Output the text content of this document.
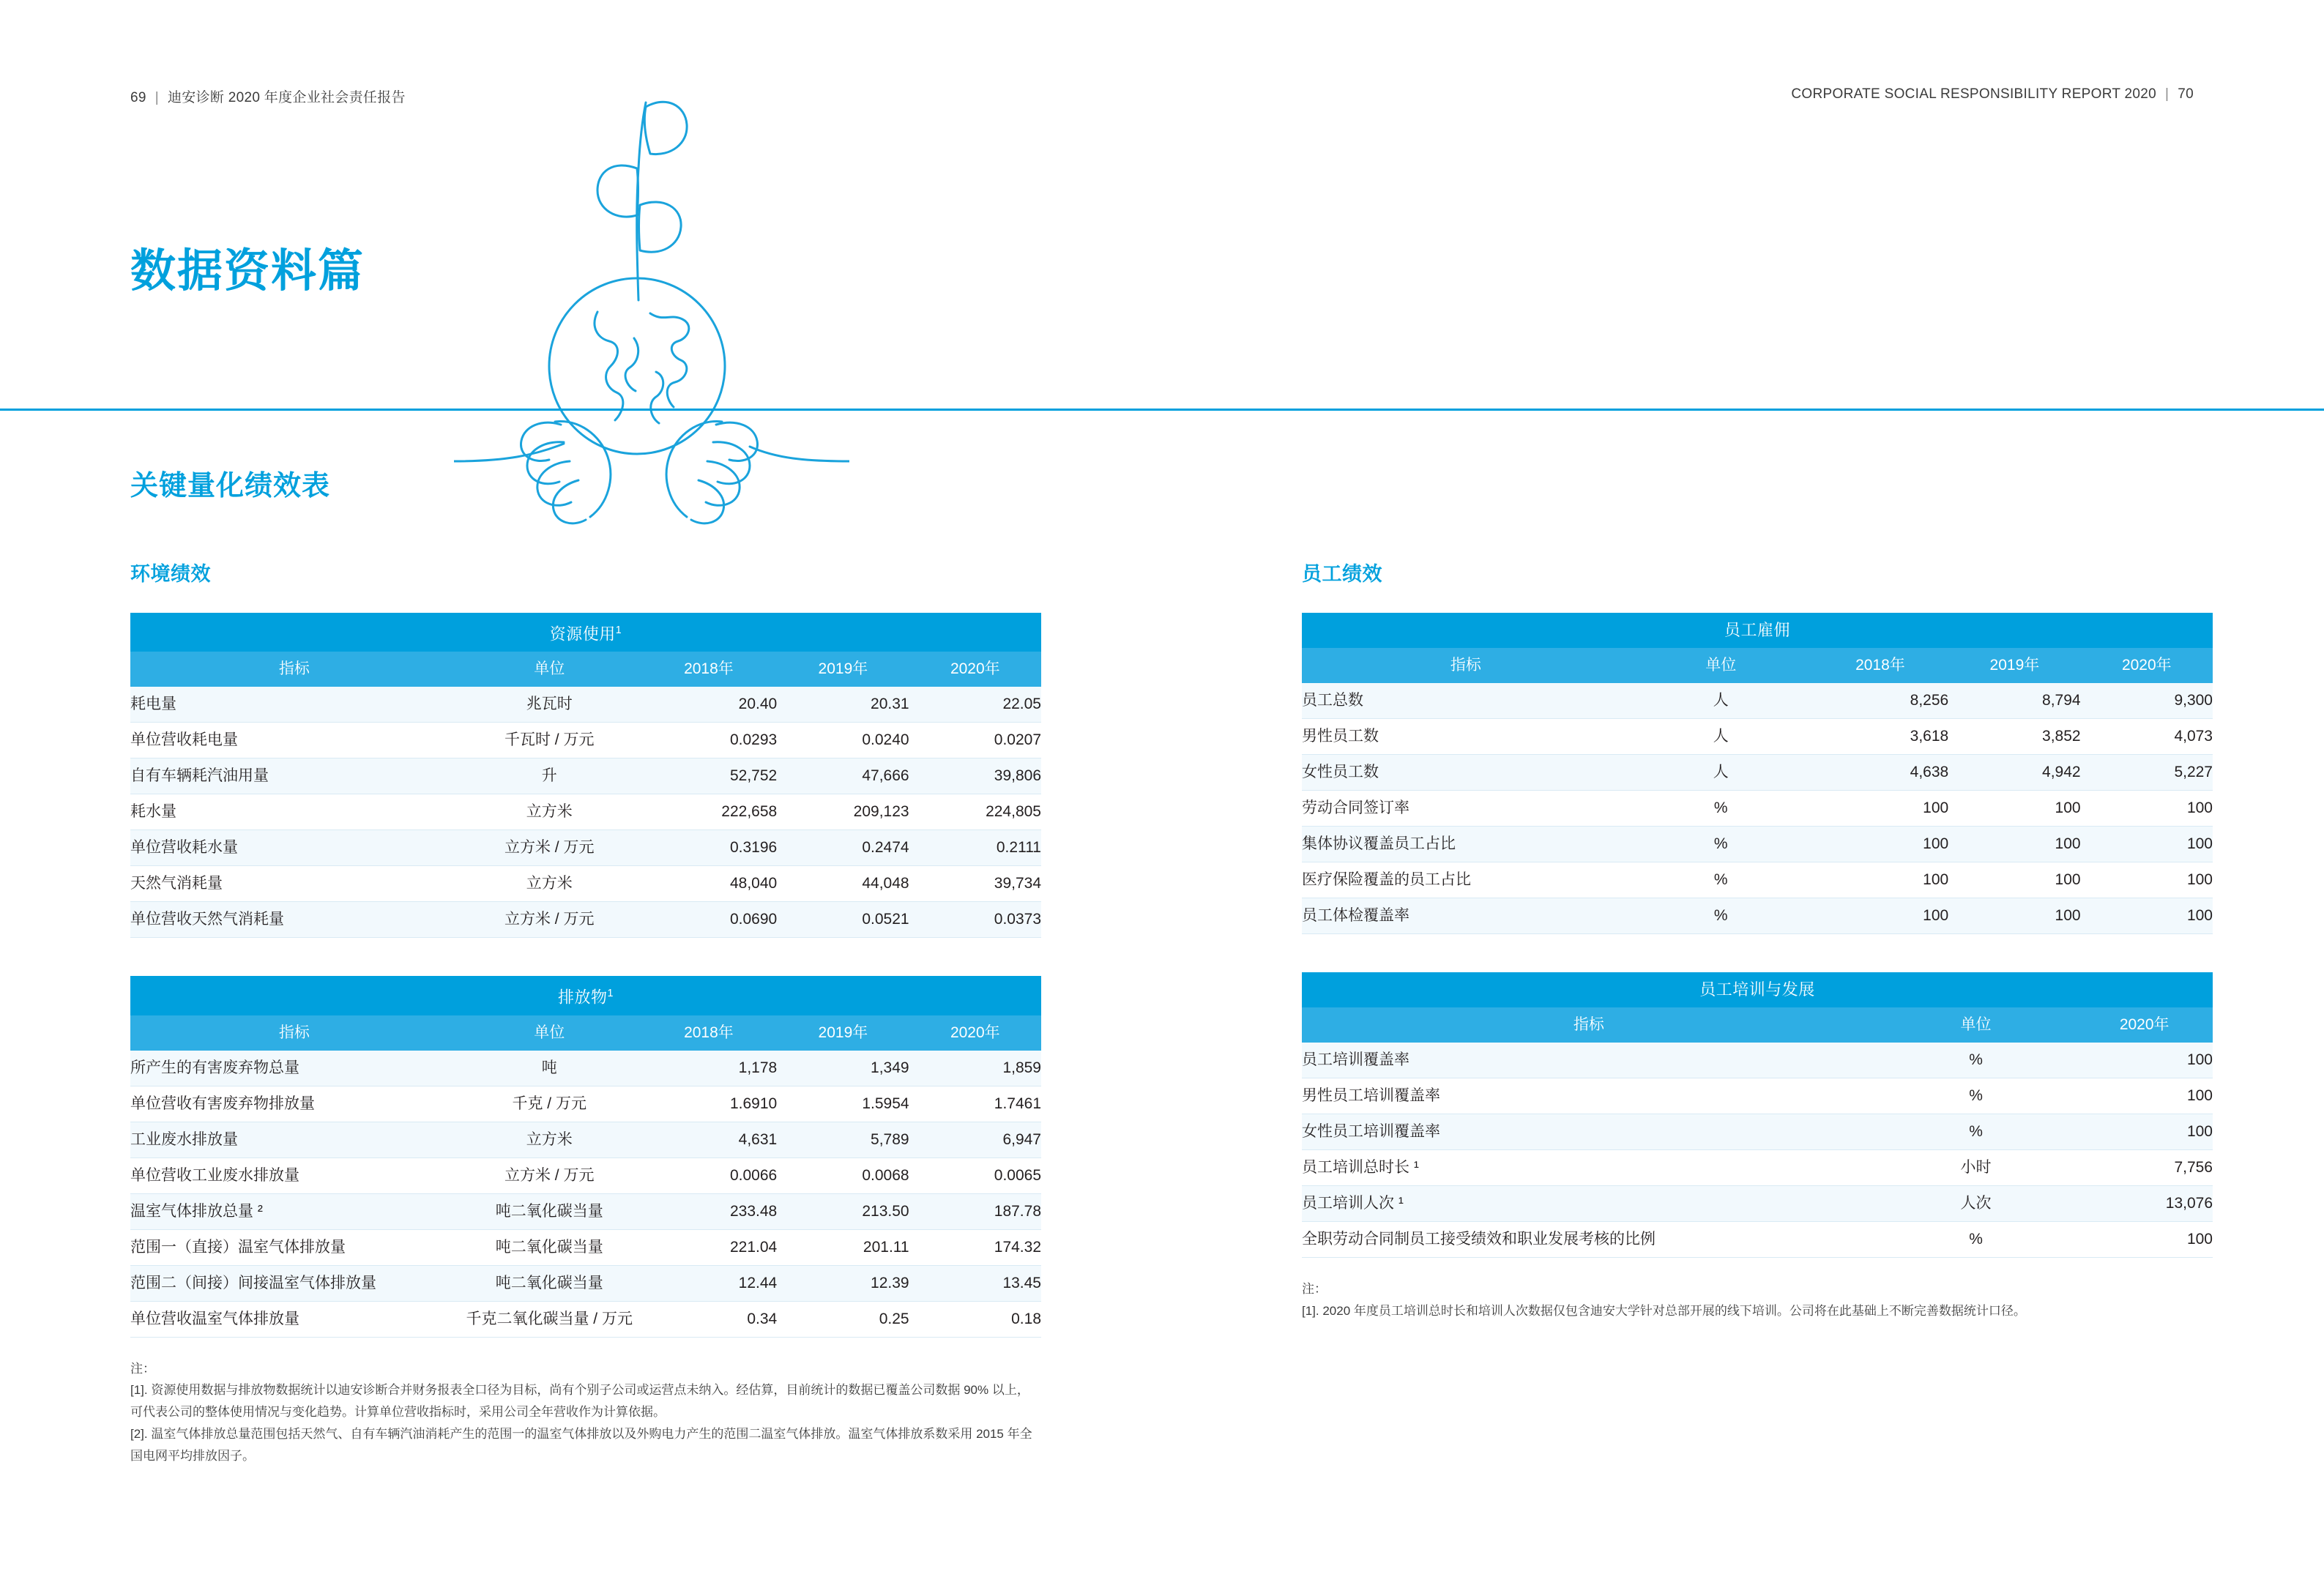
69 | 迪安诊断 2020 年度企业社会责任报告	CORPORATE SOCIAL RESPONSIBILITY REPORT 2020 | 70
数据资料篇
关键量化绩效表
环境绩效
资源使用$^1$
指标	单位	2018年	2019年	2020年
耗电量	兆瓦时	20.40	20.31	22.05
单位营收耗电量	千瓦时 / 万元	0.0293	0.0240	0.0207
自有车辆耗汽油用量	升	52,752	47,666	39,806
耗水量	立方米	222,658	209,123	224,805
单位营收耗水量	立方米 / 万元	0.3196	0.2474	0.2111
天然气消耗量	立方米	48,040	44,048	39,734
单位营收天然气消耗量	立方米 / 万元	0.0690	0.0521	0.0373
排放物$^1$
指标	单位	2018年	2019年	2020年
所产生的有害废弃物总量	吨	1,178	1,349	1,859
单位营收有害废弃物排放量	千克 / 万元	1.6910	1.5954	1.7461
工业废水排放量	立方米	4,631	5,789	6,947
单位营收工业废水排放量	立方米 / 万元	0.0066	0.0068	0.0065
温室气体排放总量 ²	吨二氧化碳当量	233.48	213.50	187.78
范围一（直接）温室气体排放量	吨二氧化碳当量	221.04	201.11	174.32
范围二（间接）间接温室气体排放量	吨二氧化碳当量	12.44	12.39	13.45
单位营收温室气体排放量	千克二氧化碳当量 / 万元	0.34	0.25	0.18

注：

[1]. 资源使用数据与排放物数据统计以迪安诊断合并财务报表全口径为目标，尚有个别子公司或运营点未纳入。经估算，目前统计的数据已覆盖公司数据 90% 以上，可代表公司的整体使用情况与变化趋势。计算单位营收指标时，采用公司全年营收作为计算依据。

[2]. 温室气体排放总量范围包括天然气、自有车辆汽油消耗产生的范围一的温室气体排放以及外购电力产生的范围二温室气体排放。温室气体排放系数采用 2015 年全国电网平均排放因子。

员工绩效
员工雇佣				
指标	单位	2018年	2019年	2020年
员工总数	人	8,256	8,794	9,300
男性员工数	人	3,618	3,852	4,073
女性员工数	人	4,638	4,942	5,227
劳动合同签订率	%	100	100	100
集体协议覆盖员工占比	%	100	100	100
医疗保险覆盖的员工占比	%	100	100	100
员工体检覆盖率	%	100	100	100
员工培训与发展		
指标	单位	2020年
员工培训覆盖率	%	100
男性员工培训覆盖率	%	100
女性员工培训覆盖率	%	100
员工培训总时长 ¹	小时	7,756
员工培训人次 ¹	人次	13,076
全职劳动合同制员工接受绩效和职业发展考核的比例	%	100

注：

[1]. 2020 年度员工培训总时长和培训人次数据仅包含迪安大学针对总部开展的线下培训。公司将在此基础上不断完善数据统计口径。
